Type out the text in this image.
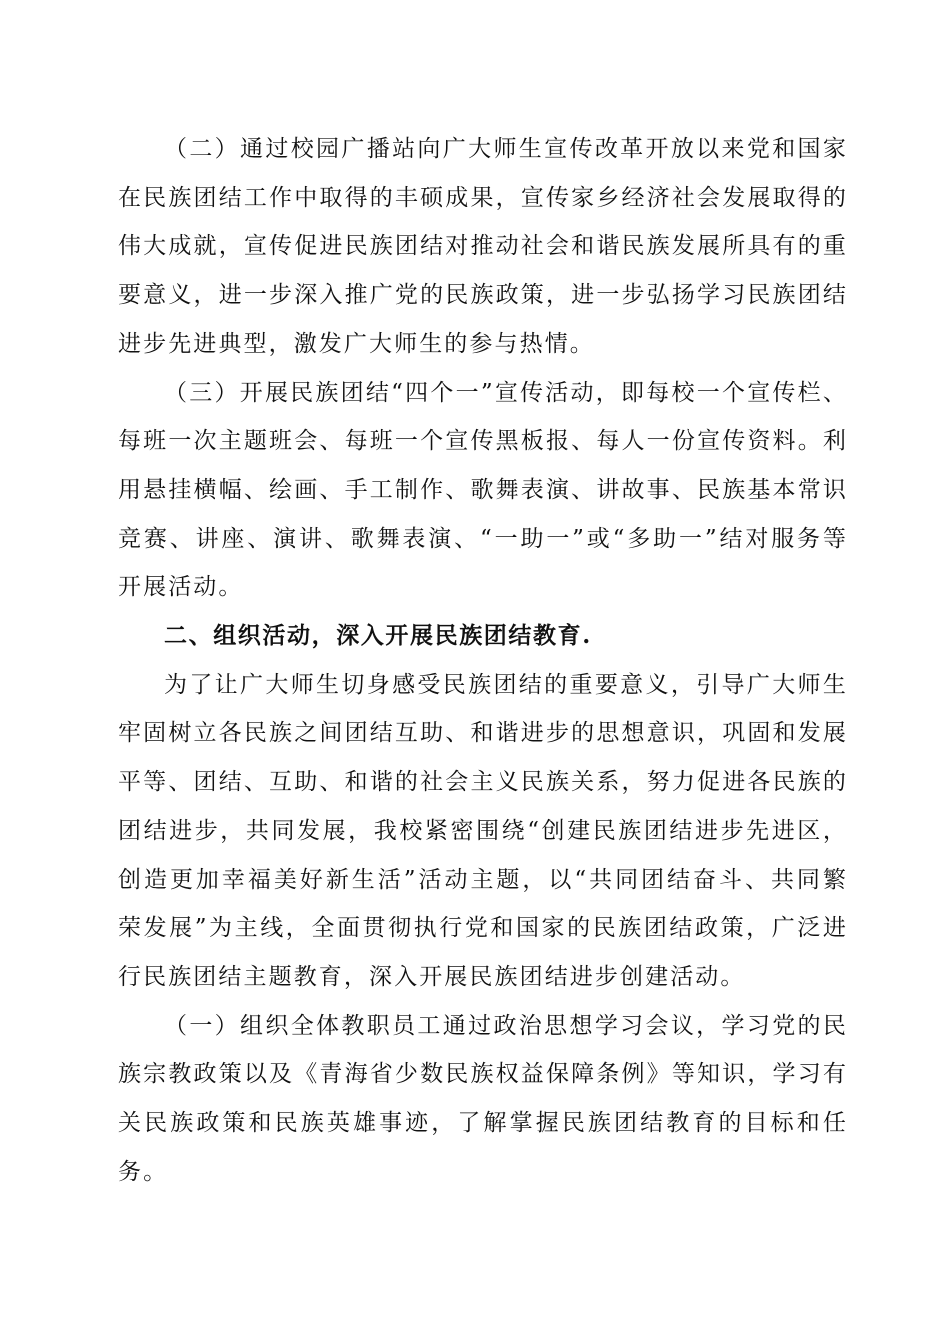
（二）通过校园广播站向广大师生宣传改革开放以来党和国家在民族团结工作中取得的丰硕成果，宣传家乡经济社会发展取得的伟大成就，宣传促进民族团结对推动社会和谐民族发展所具有的重要意义，进一步深入推广党的民族政策，进一步弘扬学习民族团结进步先进典型，激发广大师生的参与热情。

（三）开展民族团结“四个一”宣传活动，即每校一个宣传栏、每班一次主题班会、每班一个宣传黑板报、每人一份宣传资料。利用悬挂横幅、绘画、手工制作、歌舞表演、讲故事、民族基本常识竞赛、讲座、演讲、歌舞表演、“一助一”或“多助一”结对服务等开展活动。

二、组织活动，深入开展民族团结教育.

为了让广大师生切身感受民族团结的重要意义，引导广大师生牢固树立各民族之间团结互助、和谐进步的思想意识，巩固和发展平等、团结、互助、和谐的社会主义民族关系，努力促进各民族的团结进步，共同发展，我校紧密围绕“创建民族团结进步先进区，创造更加幸福美好新生活”活动主题，以“共同团结奋斗、共同繁荣发展”为主线，全面贯彻执行党和国家的民族团结政策，广泛进行民族团结主题教育，深入开展民族团结进步创建活动。

（一）组织全体教职员工通过政治思想学习会议，学习党的民族宗教政策以及《青海省少数民族权益保障条例》等知识，学习有关民族政策和民族英雄事迹，了解掌握民族团结教育的目标和任务。
